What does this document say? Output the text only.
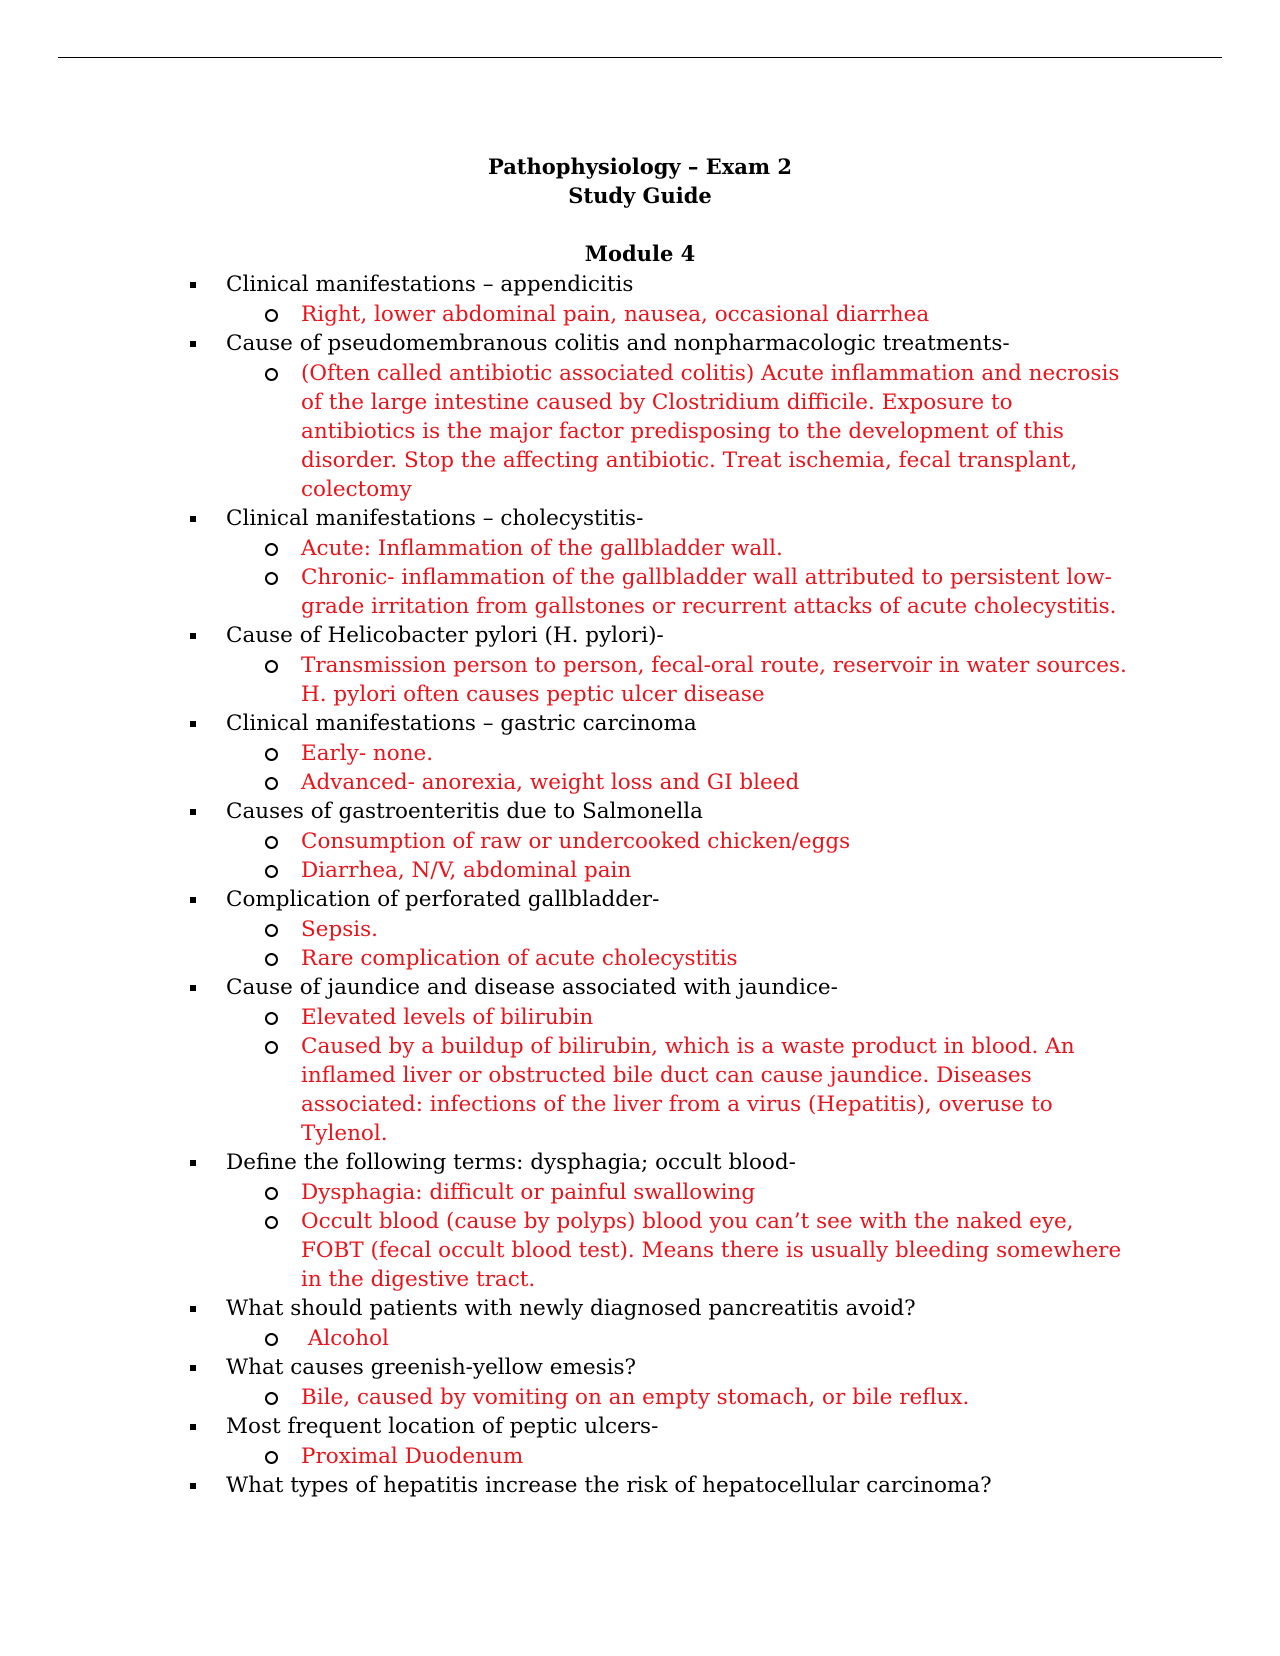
Pathophysiology – Exam 2
Study Guide
Module 4
Clinical manifestations – appendicitis
Right, lower abdominal pain, nausea, occasional diarrhea
Cause of pseudomembranous colitis and nonpharmacologic treatments-
(Often called antibiotic associated colitis) Acute inflammation and necrosis of the large intestine caused by Clostridium difficile. Exposure to antibiotics is the major factor predisposing to the development of this disorder. Stop the affecting antibiotic. Treat ischemia, fecal transplant, colectomy
Clinical manifestations – cholecystitis-
Acute: Inflammation of the gallbladder wall.
Chronic- inflammation of the gallbladder wall attributed to persistent low-grade irritation from gallstones or recurrent attacks of acute cholecystitis.
Cause of Helicobacter pylori (H. pylori)-
Transmission person to person, fecal-oral route, reservoir in water sources. H. pylori often causes peptic ulcer disease
Clinical manifestations – gastric carcinoma
Early- none.
Advanced- anorexia, weight loss and GI bleed
Causes of gastroenteritis due to Salmonella
Consumption of raw or undercooked chicken/eggs
Diarrhea, N/V, abdominal pain
Complication of perforated gallbladder-
Sepsis.
Rare complication of acute cholecystitis
Cause of jaundice and disease associated with jaundice-
Elevated levels of bilirubin
Caused by a buildup of bilirubin, which is a waste product in blood. An inflamed liver or obstructed bile duct can cause jaundice. Diseases associated: infections of the liver from a virus (Hepatitis), overuse to Tylenol.
Define the following terms: dysphagia; occult blood-
Dysphagia: difficult or painful swallowing
Occult blood (cause by polyps) blood you can’t see with the naked eye, FOBT (fecal occult blood test). Means there is usually bleeding somewhere in the digestive tract.
What should patients with newly diagnosed pancreatitis avoid?
Alcohol
What causes greenish-yellow emesis?
Bile, caused by vomiting on an empty stomach, or bile reflux.
Most frequent location of peptic ulcers-
Proximal Duodenum
What types of hepatitis increase the risk of hepatocellular carcinoma?
